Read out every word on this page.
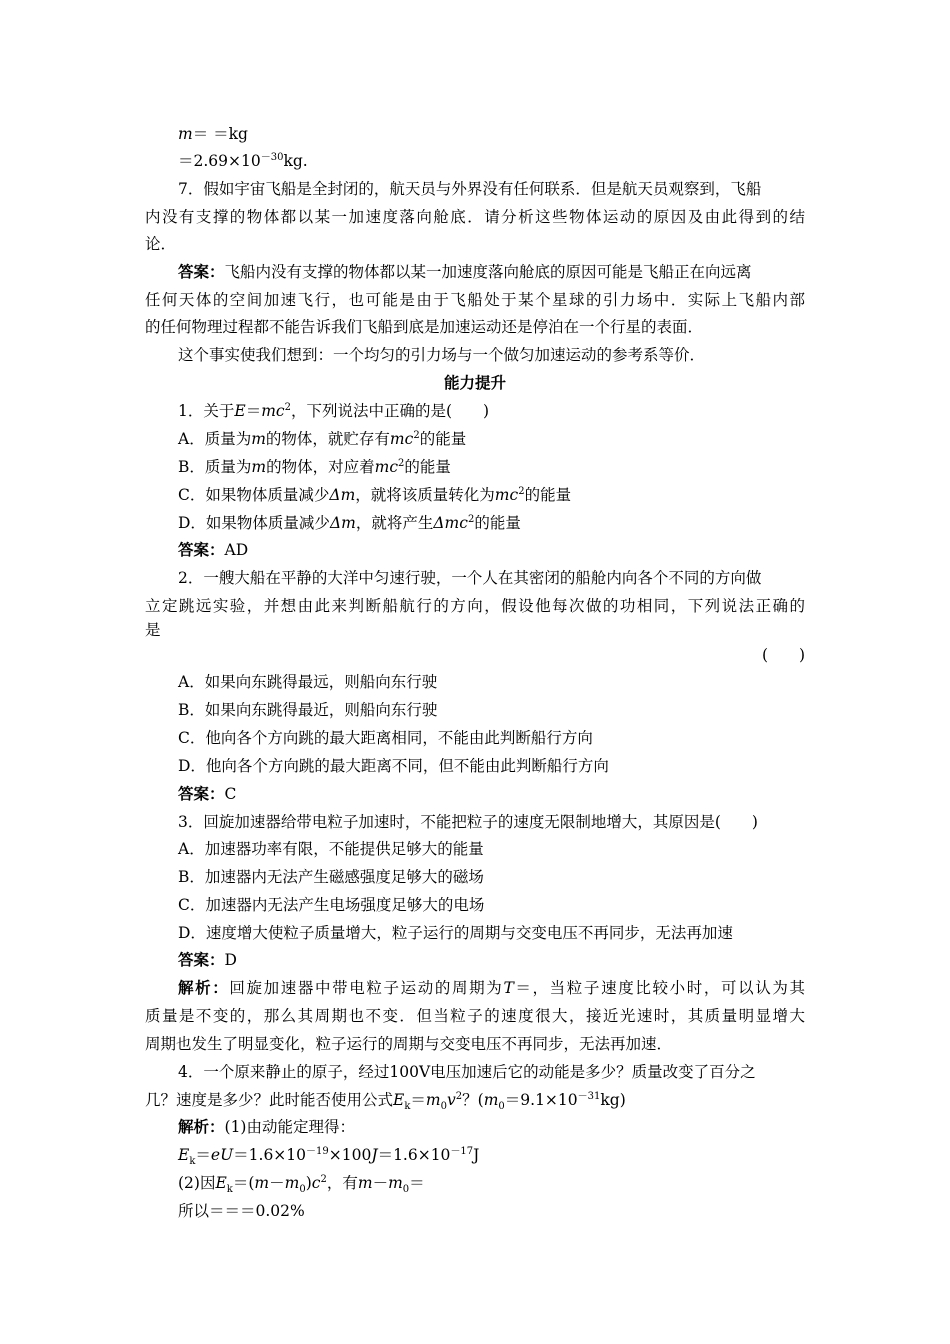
m＝ ＝kg
$=2.69\times 10^{-30}kg$.
7．假如宇宙飞船是全封闭的，航天员与外界没有任何联系．但是航天员观察到，飞船
内没有支撑的物体都以某一加速度落向舱底．请分析这些物体运动的原因及由此得到的结
论．
答案：飞船内没有支撑的物体都以某一加速度落向舱底的原因可能是飞船正在向远离
任何天体的空间加速飞行，也可能是由于飞船处于某个星球的引力场中．实际上飞船内部
的任何物理过程都不能告诉我们飞船到底是加速运动还是停泊在一个行星的表面．
这个事实使我们想到：一个均匀的引力场与一个做匀加速运动的参考系等价．
能力提升
1．关于$E=mc^2$，下列说法中正确的是(　　)
A．质量为m的物体，就贮存有$mc^2$的能量
B．质量为m的物体，对应着$mc^2$的能量
C．如果物体质量减少Δm，就将该质量转化为$mc^2$的能量
D．如果物体质量减少Δm，就将产生Δmc$^2$的能量
答案：AD
2．一艘大船在平静的大洋中匀速行驶，一个人在其密闭的船舱内向各个不同的方向做
立定跳远实验，并想由此来判断船航行的方向，假设他每次做的功相同，下列说法正确的
是
(　　)
A．如果向东跳得最远，则船向东行驶
B．如果向东跳得最近，则船向东行驶
C．他向各个方向跳的最大距离相同，不能由此判断船行方向
D．他向各个方向跳的最大距离不同，但不能由此判断船行方向
答案：C
3．回旋加速器给带电粒子加速时，不能把粒子的速度无限制地增大，其原因是(　　)
A．加速器功率有限，不能提供足够大的能量
B．加速器内无法产生磁感强度足够大的磁场
C．加速器内无法产生电场强度足够大的电场
D．速度增大使粒子质量增大，粒子运行的周期与交变电压不再同步，无法再加速
答案：D
解析：回旋加速器中带电粒子运动的周期为T＝，当粒子速度比较小时，可以认为其
质量是不变的，那么其周期也不变．但当粒子的速度很大，接近光速时，其质量明显增大
周期也发生了明显变化，粒子运行的周期与交变电压不再同步，无法再加速．
4．一个原来静止的原子，经过100V电压加速后它的动能是多少？质量改变了百分之
几？速度是多少？此时能否使用公式$E_k=m_0v^2$？$(m_0=9.1\times 10^{-31}kg)$
解析：(1)由动能定理得：
$E_k=eU=1.6\times 10^{-19}\times 100J=1.6\times 10^{-17}J$
(2)因$E_k=(m-m_0)c^2$，有$m-m_0=$
所以＝＝＝0.02%
